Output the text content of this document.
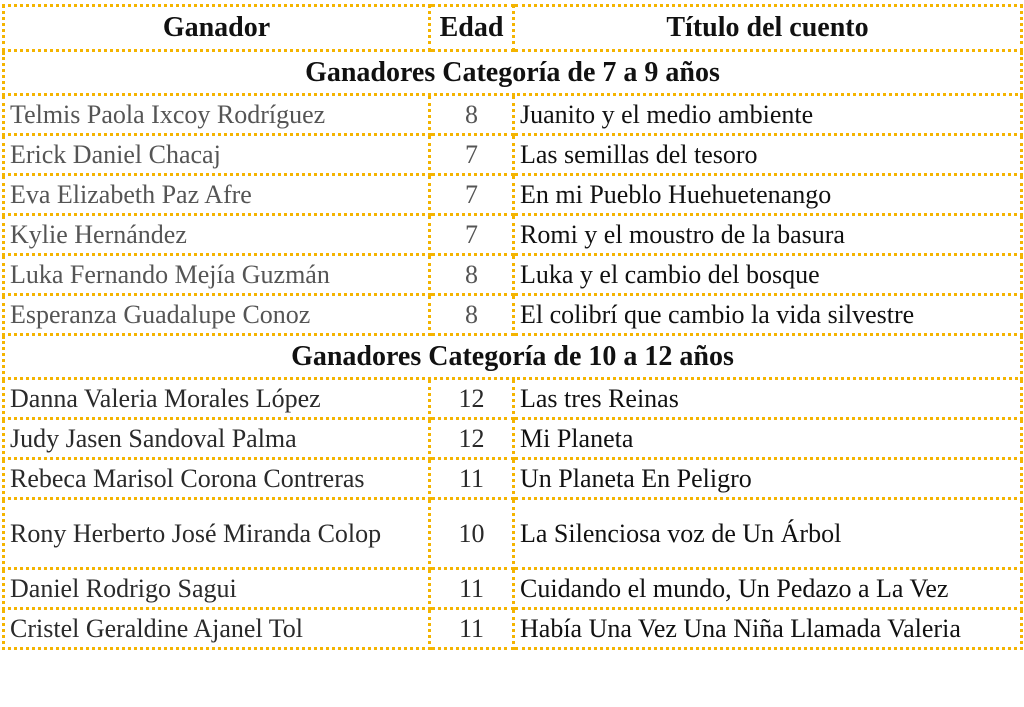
Ganador	Edad	Título del cuento
Ganadores Categoría de 7 a 9 años		
Telmis Paola Ixcoy Rodríguez	8	Juanito y el medio ambiente
Erick Daniel Chacaj	7	Las semillas del tesoro
Eva Elizabeth Paz Afre	7	En mi Pueblo Huehuetenango
Kylie Hernández	7	Romi y el moustro de la basura
Luka Fernando Mejía Guzmán	8	Luka y el cambio del bosque
Esperanza Guadalupe Conoz	8	El colibrí que cambio la vida silvestre
Ganadores Categoría de 10 a 12 años		
Danna Valeria Morales López	12	Las tres Reinas
Judy Jasen Sandoval Palma	12	Mi Planeta
Rebeca Marisol Corona Contreras	11	Un Planeta En Peligro
Rony Herberto José Miranda Colop	10	La Silenciosa voz de Un Árbol
Daniel Rodrigo Sagui	11	Cuidando el mundo, Un Pedazo a La Vez
Cristel Geraldine Ajanel Tol	11	Había Una Vez Una Niña Llamada Valeria
